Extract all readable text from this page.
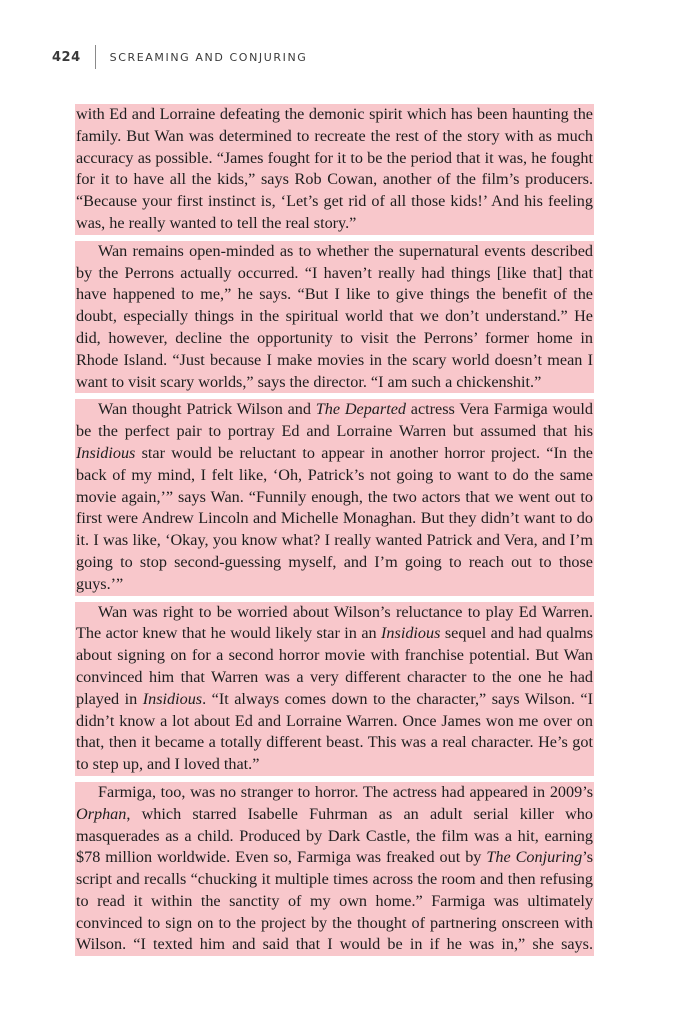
424	SCREAMING AND CONJURING

with Ed and Lorraine defeating the demonic spirit which has been haunting the family. But Wan was determined to recreate the rest of the story with as much accuracy as possible. “James fought for it to be the period that it was, he fought for it to have all the kids,” says Rob Cowan, another of the film’s producers. “Because your first instinct is, ‘Let’s get rid of all those kids!’ And his feeling was, he really wanted to tell the real story.”

Wan remains open-minded as to whether the supernatural events described by the Perrons actually occurred. “I haven’t really had things [like that] that have happened to me,” he says. “But I like to give things the benefit of the doubt, especially things in the spiritual world that we don’t understand.” He did, however, decline the opportunity to visit the Perrons’ former home in Rhode Island. “Just because I make movies in the scary world doesn’t mean I want to visit scary worlds,” says the director. “I am such a chickenshit.”

Wan thought Patrick Wilson and The Departed actress Vera Farmiga would be the perfect pair to portray Ed and Lorraine Warren but assumed that his Insidious star would be reluctant to appear in another horror project. “In the back of my mind, I felt like, ‘Oh, Patrick’s not going to want to do the same movie again,’” says Wan. “Funnily enough, the two actors that we went out to first were Andrew Lincoln and Michelle Monaghan. But they didn’t want to do it. I was like, ‘Okay, you know what? I really wanted Patrick and Vera, and I’m going to stop second-guessing myself, and I’m going to reach out to those guys.’”

Wan was right to be worried about Wilson’s reluctance to play Ed Warren. The actor knew that he would likely star in an Insidious sequel and had qualms about signing on for a second horror movie with franchise potential. But Wan convinced him that Warren was a very different character to the one he had played in Insidious. “It always comes down to the character,” says Wilson. “I didn’t know a lot about Ed and Lorraine Warren. Once James won me over on that, then it became a totally different beast. This was a real character. He’s got to step up, and I loved that.”

Farmiga, too, was no stranger to horror. The actress had appeared in 2009’s Orphan, which starred Isabelle Fuhrman as an adult serial killer who masquerades as a child. Produced by Dark Castle, the film was a hit, earning $78 million worldwide. Even so, Farmiga was freaked out by The Conjuring’s script and recalls “chucking it multiple times across the room and then refusing to read it within the sanctity of my own home.” Farmiga was ultimately convinced to sign on to the project by the thought of partnering onscreen with Wilson. “I texted him and said that I would be in if he was in,” she says.
